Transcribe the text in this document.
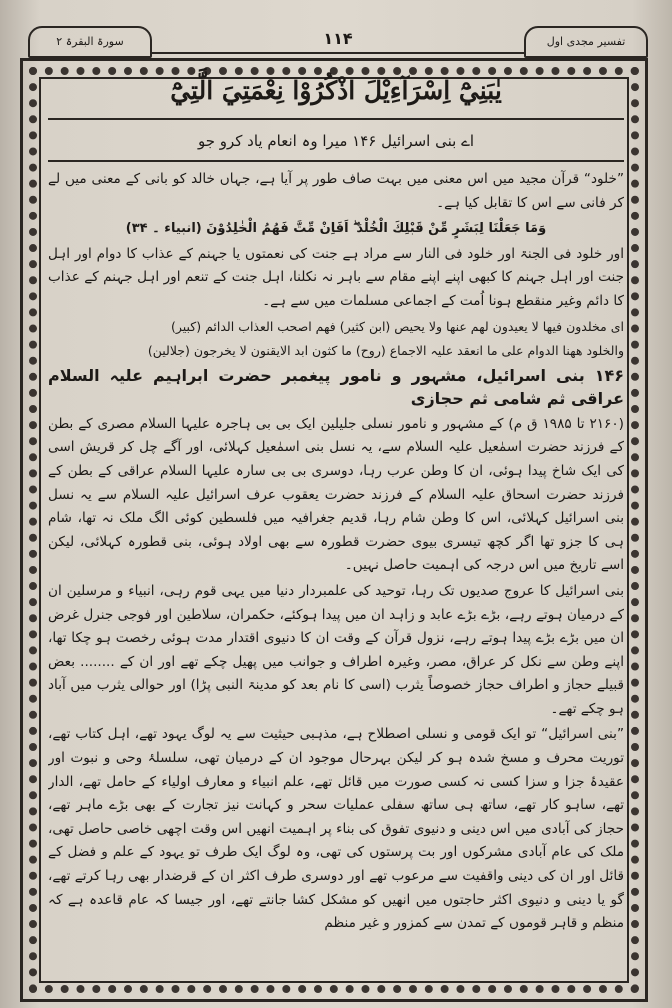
سورۃ البقرۃ ۲	۱۱۴	تفسیر مجدی اول
يٰبَنِيْٓ اِسْرَآءِيْلَ اذْكُرُوْا نِعْمَتِيَ الَّتِيْٓ
اے بنی اسرائیل ۱۴۶ میرا وہ انعام یاد کرو جو

”خلود“ قرآن مجید میں اس معنی میں بہت صاف طور پر آیا ہے، جہاں خالد کو بانی کے معنی میں لے کر فانی سے اس کا تقابل کیا ہے۔

وَمَا جَعَلْنَا لِبَشَرٍ مِّنْ قَبْلِكَ الْخُلْدَ ۖ اَفَاِنْ مِّتَّ فَهُمُ الْخٰلِدُوْنَ (انبیاء ۔ ۳۴)

اور خلود فی الجنۃ اور خلود فی النار سے مراد ہے جنت کی نعمتوں یا جہنم کے عذاب کا دوام اور اہل جنت اور اہل جہنم کا کبھی اپنے اپنے مقام سے باہر نہ نکلنا، اہل جنت کے تنعم اور اہل جہنم کے عذاب کا دائم وغیر منقطع ہونا اُمت کے اجماعی مسلمات میں سے ہے۔

ای مخلدون فیھا لا یعیدون لھم عنھا ولا یحیص (ابن کثیر) فھم اصحب العذاب الدائم (کبیر)

والخلود ھھنا الدوام علی ما انعقد علیہ الاجماع (روح) ما کثون ابد الایقنون لا یخرجون (جلالین)

۱۴۶ بنی اسرائیل، مشہور و نامور پیغمبر حضرت ابراہیم علیہ السلام عراقی ثم شامی ثم حجازی

(۲۱۶۰ تا ۱۹۸۵ ق م) کے مشہور و نامور نسلی جلیلین ایک بی بی ہاجرہ علیہا السلام مصری کے بطن کے فرزند حضرت اسمٰعیل علیہ السلام سے، یہ نسل بنی اسمٰعیل کہلائی، اور آگے چل کر قریش اسی کی ایک شاخ پیدا ہوئی، ان کا وطن عرب رہا، دوسری بی بی سارہ علیہا السلام عراقی کے بطن کے فرزند حضرت اسحاق علیہ السلام کے فرزند حضرت یعقوب عرف اسرائیل علیہ السلام سے یہ نسل بنی اسرائیل کہلائی، اس کا وطن شام رہا، قدیم جغرافیہ میں فلسطین کوئی الگ ملک نہ تھا، شام ہی کا جزو تھا اگر کچھ تیسری بیوی حضرت قطورہ سے بھی اولاد ہوئی، بنی قطورہ کہلائی، لیکن اسے تاریخ میں اس درجہ کی اہمیت حاصل نہیں۔

بنی اسرائیل کا عروج صدیوں تک رہا، توحید کی علمبردار دنیا میں یہی قوم رہی، انبیاء و مرسلین ان کے درمیان ہوتے رہے، بڑے بڑے عابد و زاہد ان میں پیدا ہوکئے، حکمران، سلاطین اور فوجی جنرل غرض ان میں بڑے بڑے پیدا ہوتے رہے، نزول قرآن کے وقت ان کا دنیوی اقتدار مدت ہوئی رخصت ہو چکا تھا، اپنے وطن سے نکل کر عراق، مصر، وغیرہ اطراف و جوانب میں پھیل چکے تھے اور ان کے ........ بعض قبیلے حجاز و اطراف حجاز خصوصاً یثرب (اسی کا نام بعد کو مدینۃ النبی پڑا) اور حوالی یثرب میں آباد ہو چکے تھے۔

”بنی اسرائیل“ تو ایک قومی و نسلی اصطلاح ہے، مذہبی حیثیت سے یہ لوگ یہود تھے، اہل کتاب تھے، توریت محرف و مسخ شدہ ہو کر لیکن بہرحال موجود ان کے درمیان تھی، سلسلۂ وحی و نبوت اور عقیدۂ جزا و سزا کسی نہ کسی صورت میں قائل تھے، علم انبیاء و معارف اولیاء کے حامل تھے، الدار تھے، ساہو کار تھے، ساتھ ہی ساتھ سفلی عملیات سحر و کہانت نیز تجارت کے بھی بڑے ماہر تھے، حجاز کی آبادی میں اس دینی و دنیوی تفوق کی بناء پر اہمیت انھیں اس وقت اچھی خاصی حاصل تھی، ملک کی عام آبادی مشرکوں اور بت پرستوں کی تھی، وہ لوگ ایک طرف تو یہود کے علم و فضل کے قائل اور ان کی دینی واقفیت سے مرعوب تھے اور دوسری طرف اکثر ان کے قرضدار بھی رہا کرتے تھے، گو یا دینی و دنیوی اکثر حاجتوں میں انھیں کو مشکل کشا جانتے تھے، اور جیسا کہ عام قاعدہ ہے کہ منظم و قاہر قوموں کے تمدن سے کمزور و غیر منظم
